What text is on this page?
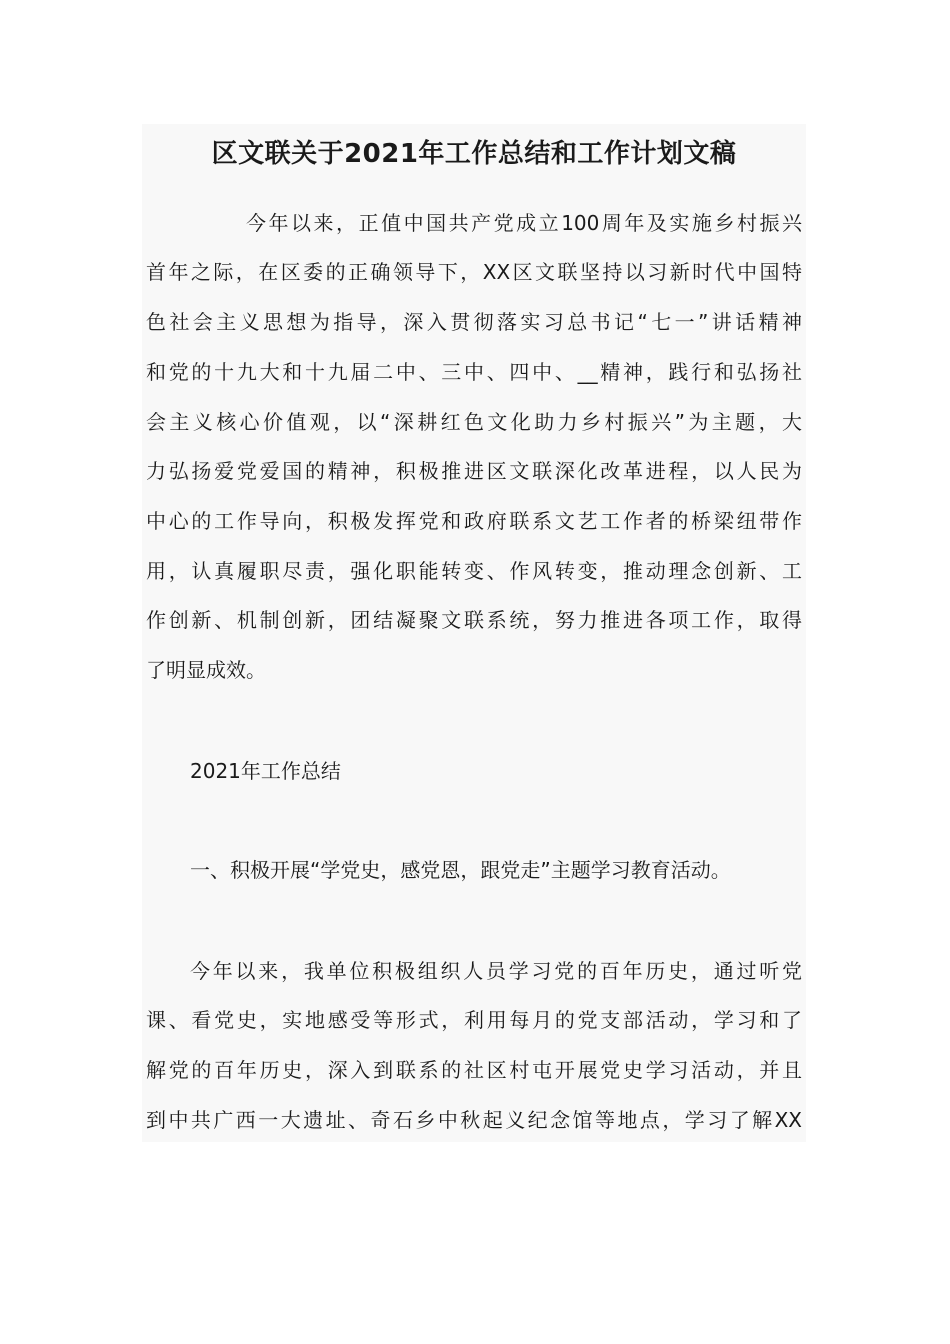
区文联关于2021年工作总结和工作计划文稿
今年以来，正值中国共产党成立100周年及实施乡村振兴
首年之际，在区委的正确领导下，XX区文联坚持以习新时代中国特
色社会主义思想为指导，深入贯彻落实习总书记“七一”讲话精神
和党的十九大和十九届二中、三中、四中、__精神，践行和弘扬社
会主义核心价值观，以“深耕红色文化助力乡村振兴”为主题，大
力弘扬爱党爱国的精神，积极推进区文联深化改革进程，以人民为
中心的工作导向，积极发挥党和政府联系文艺工作者的桥梁纽带作
用，认真履职尽责，强化职能转变、作风转变，推动理念创新、工
作创新、机制创新，团结凝聚文联系统，努力推进各项工作，取得
了明显成效。
2021年工作总结
一、积极开展“学党史，感党恩，跟党走”主题学习教育活动。
今年以来，我单位积极组织人员学习党的百年历史，通过听党
课、看党史，实地感受等形式，利用每月的党支部活动，学习和了
解党的百年历史，深入到联系的社区村屯开展党史学习活动，并且
到中共广西一大遗址、奇石乡中秋起义纪念馆等地点，学习了解XX
